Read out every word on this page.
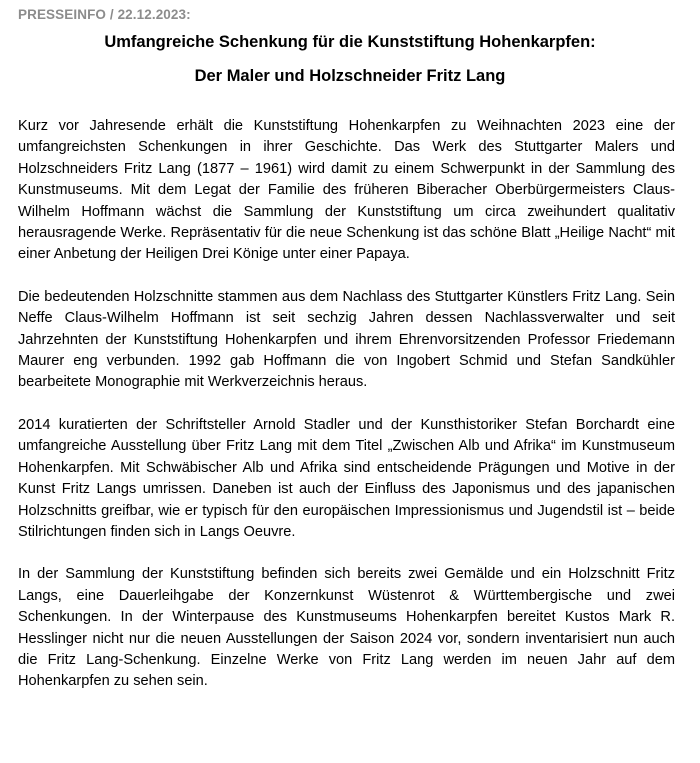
PRESSEINFO / 22.12.2023:
Umfangreiche Schenkung für die Kunststiftung Hohenkarpfen:
Der Maler und Holzschneider Fritz Lang

Kurz vor Jahresende erhält die Kunststiftung Hohenkarpfen zu Weihnachten 2023 eine der umfangreichsten Schenkungen in ihrer Geschichte. Das Werk des Stuttgarter Malers und Holzschneiders Fritz Lang (1877 – 1961) wird damit zu einem Schwerpunkt in der Sammlung des Kunstmuseums. Mit dem Legat der Familie des früheren Biberacher Oberbürgermeisters Claus-Wilhelm Hoffmann wächst die Sammlung der Kunststiftung um circa zweihundert qualitativ herausragende Werke. Repräsentativ für die neue Schenkung ist das schöne Blatt „Heilige Nacht“ mit einer Anbetung der Heiligen Drei Könige unter einer Papaya.

Die bedeutenden Holzschnitte stammen aus dem Nachlass des Stuttgarter Künstlers Fritz Lang. Sein Neffe Claus-Wilhelm Hoffmann ist seit sechzig Jahren dessen Nachlassverwalter und seit Jahrzehnten der Kunststiftung Hohenkarpfen und ihrem Ehrenvorsitzenden Professor Friedemann Maurer eng verbunden. 1992 gab Hoffmann die von Ingobert Schmid und Stefan Sandkühler bearbeitete Monographie mit Werkverzeichnis heraus.

2014 kuratierten der Schriftsteller Arnold Stadler und der Kunsthistoriker Stefan Borchardt eine umfangreiche Ausstellung über Fritz Lang mit dem Titel „Zwischen Alb und Afrika“ im Kunstmuseum Hohenkarpfen. Mit Schwäbischer Alb und Afrika sind entscheidende Prägungen und Motive in der Kunst Fritz Langs umrissen. Daneben ist auch der Einfluss des Japonismus und des japanischen Holzschnitts greifbar, wie er typisch für den europäischen Impressionismus und Jugendstil ist – beide Stilrichtungen finden sich in Langs Oeuvre.

In der Sammlung der Kunststiftung befinden sich bereits zwei Gemälde und ein Holzschnitt Fritz Langs, eine Dauerleihgabe der Konzernkunst Wüstenrot & Württembergische und zwei Schenkungen. In der Winterpause des Kunstmuseums Hohenkarpfen bereitet Kustos Mark R. Hesslinger nicht nur die neuen Ausstellungen der Saison 2024 vor, sondern inventarisiert nun auch die Fritz Lang-Schenkung. Einzelne Werke von Fritz Lang werden im neuen Jahr auf dem Hohenkarpfen zu sehen sein.
